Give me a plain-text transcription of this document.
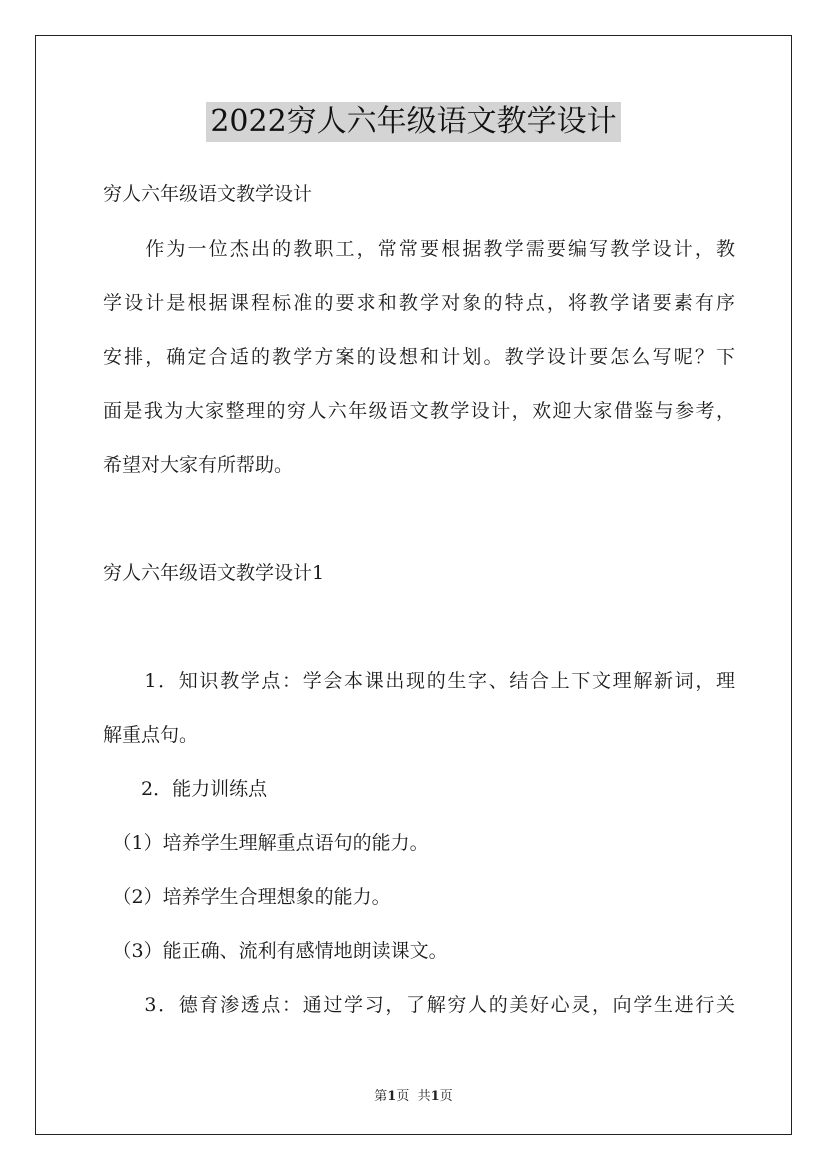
2022穷人六年级语文教学设计
穷人六年级语文教学设计
　　作为一位杰出的教职工，常常要根据教学需要编写教学设计，教
学设计是根据课程标准的要求和教学对象的特点，将教学诸要素有序
安排，确定合适的教学方案的设想和计划。教学设计要怎么写呢？下
面是我为大家整理的穷人六年级语文教学设计，欢迎大家借鉴与参考，
希望对大家有所帮助。
穷人六年级语文教学设计1
　　1．知识教学点：学会本课出现的生字、结合上下文理解新词，理
解重点句。
　　2．能力训练点
　（1）培养学生理解重点语句的能力。
　（2）培养学生合理想象的能力。
　（3）能正确、流利有感情地朗读课文。
　　3．德育渗透点：通过学习，了解穷人的美好心灵，向学生进行关
第1页 共1页
